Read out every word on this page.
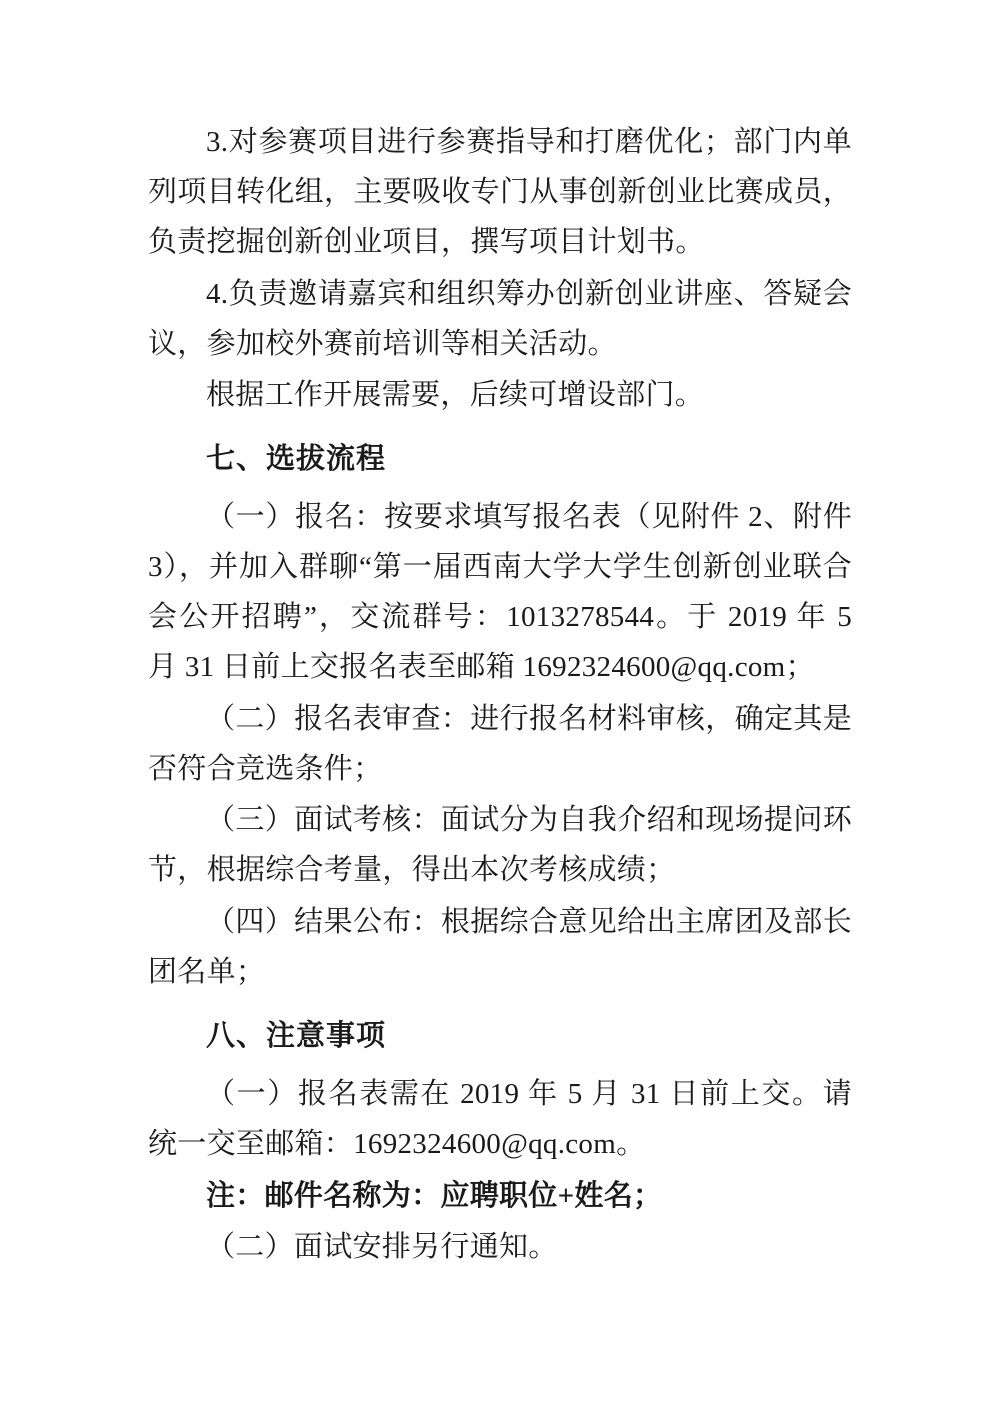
3.对参赛项目进行参赛指导和打磨优化；部门内单列项目转化组，主要吸收专门从事创新创业比赛成员，负责挖掘创新创业项目，撰写项目计划书。

4.负责邀请嘉宾和组织筹办创新创业讲座、答疑会议，参加校外赛前培训等相关活动。

根据工作开展需要，后续可增设部门。

七、选拔流程

（一）报名：按要求填写报名表（见附件 2、附件 3），并加入群聊“第一届西南大学大学生创新创业联合会公开招聘”，交流群号：1013278544。于 2019 年 5 月 31 日前上交报名表至邮箱 1692324600@qq.com；

（二）报名表审查：进行报名材料审核，确定其是否符合竞选条件；

（三）面试考核：面试分为自我介绍和现场提问环节，根据综合考量，得出本次考核成绩；

（四）结果公布：根据综合意见给出主席团及部长团名单；

八、注意事项

（一）报名表需在 2019 年 5 月 31 日前上交。请统一交至邮箱：1692324600@qq.com。

注：邮件名称为：应聘职位+姓名；

（二）面试安排另行通知。
